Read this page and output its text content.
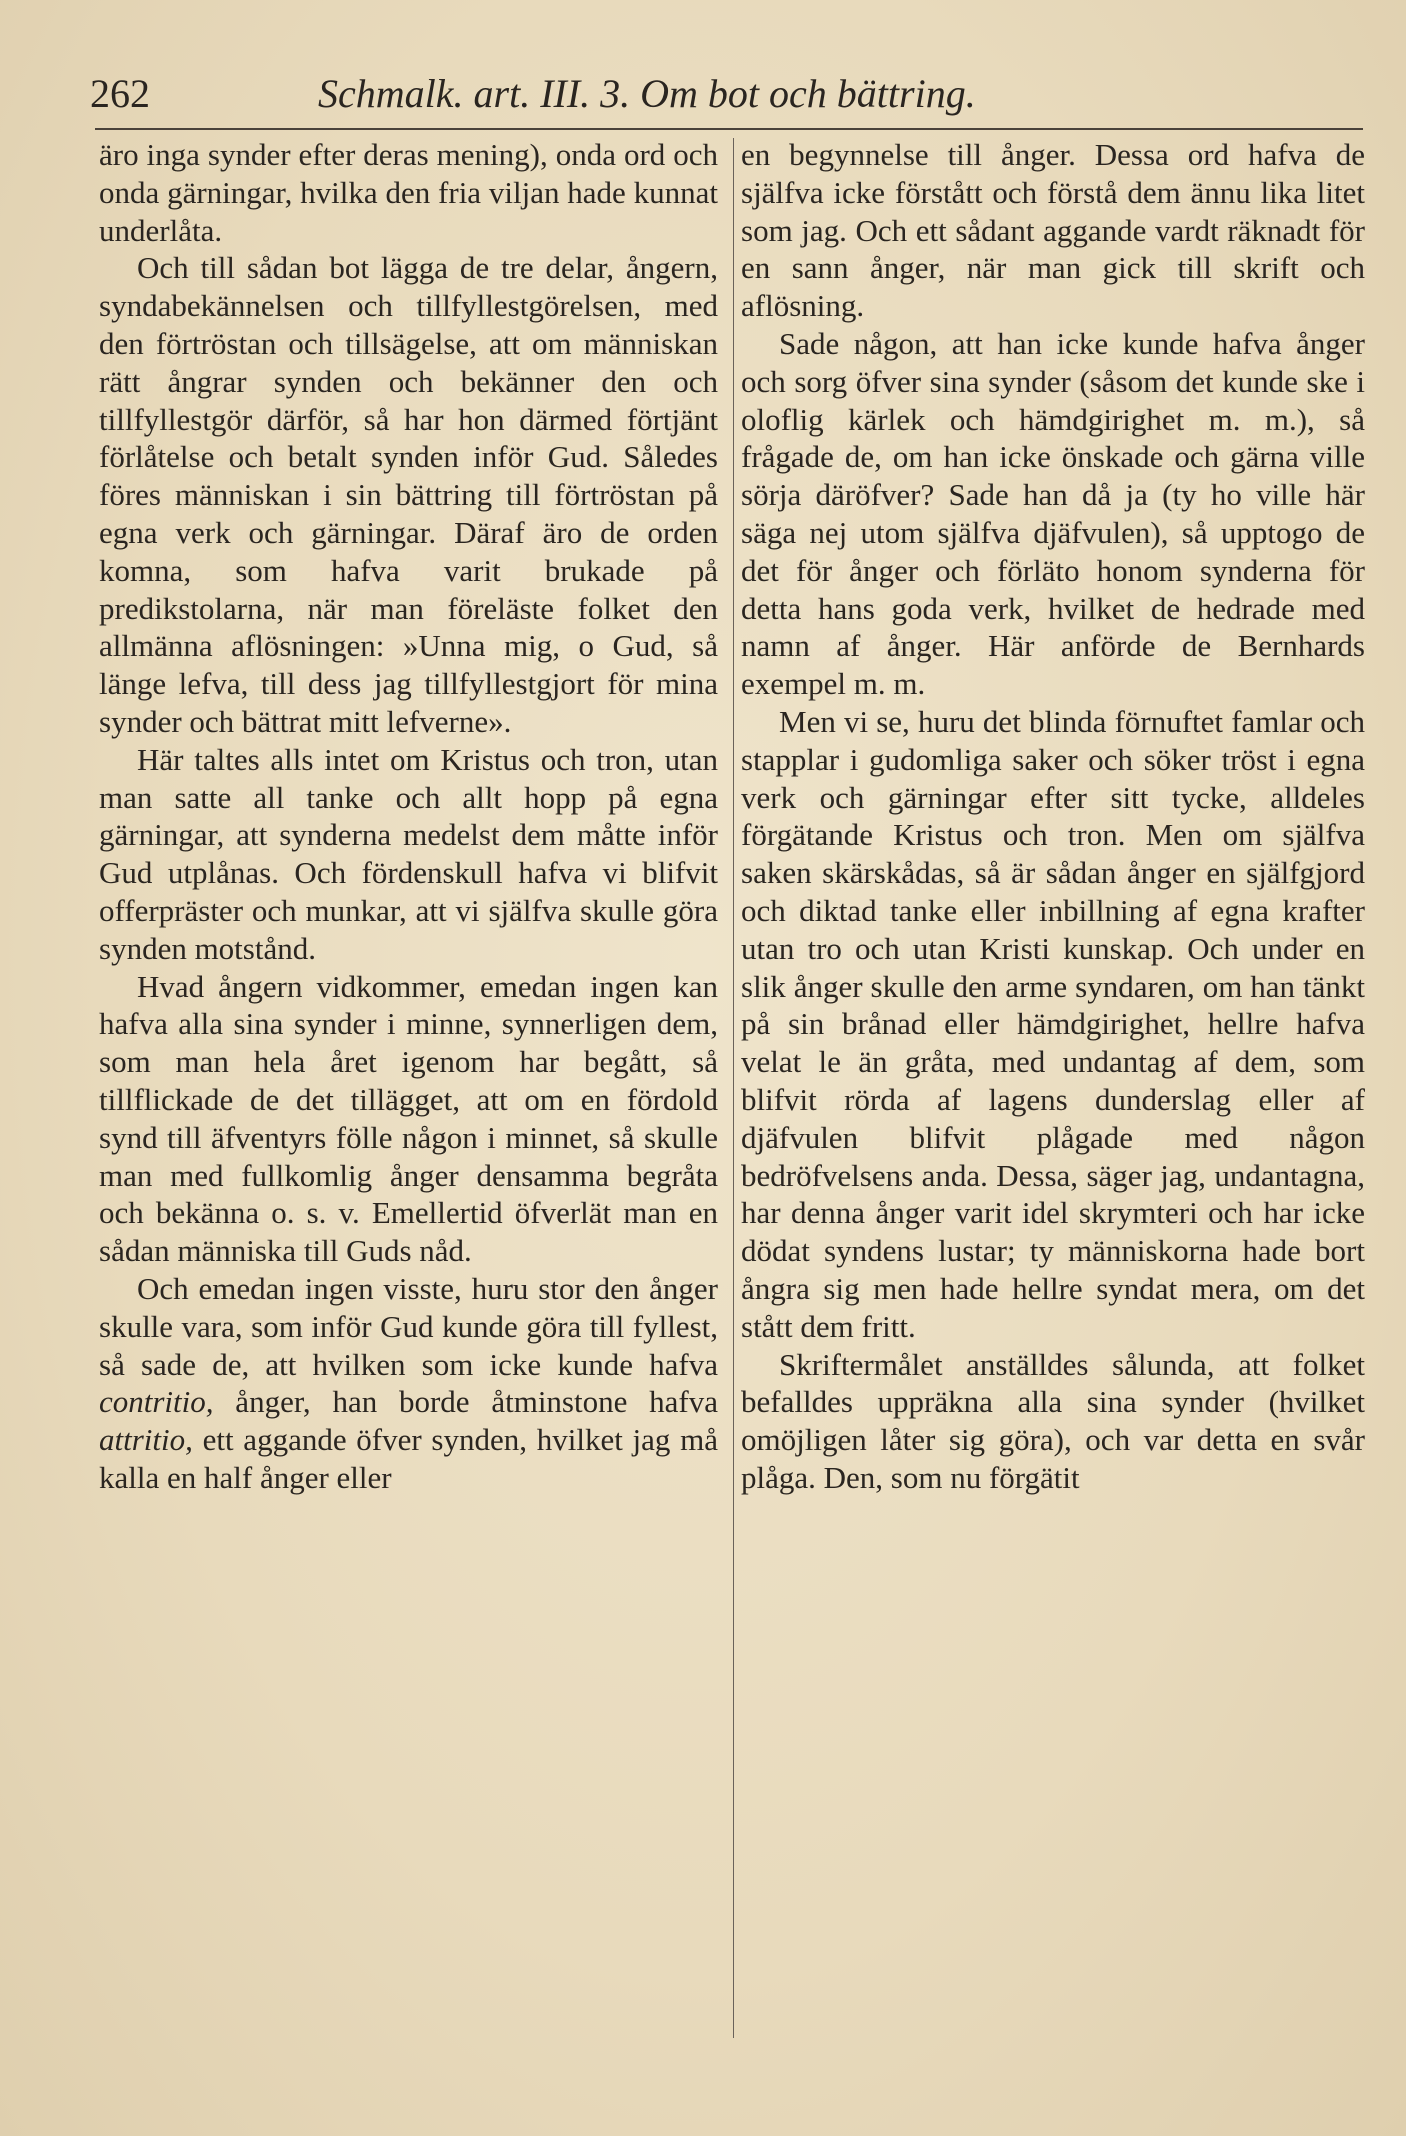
262	Schmalk. art. III. 3. Om bot och bättring.

äro inga synder efter deras mening), onda ord och onda gärningar, hvilka den fria viljan hade kunnat underlåta.

Och till sådan bot lägga de tre delar, ångern, syndabekännelsen och tillfyllestgörelsen, med den förtröstan och tillsägelse, att om människan rätt ångrar synden och bekänner den och tillfyllestgör därför, så har hon därmed förtjänt förlåtelse och betalt synden inför Gud. Således föres människan i sin bättring till förtröstan på egna verk och gärningar. Däraf äro de orden komna, som hafva varit brukade på predikstolarna, när man föreläste folket den allmänna aflösningen: »Unna mig, o Gud, så länge lefva, till dess jag tillfyllestgjort för mina synder och bättrat mitt lefverne».

Här taltes alls intet om Kristus och tron, utan man satte all tanke och allt hopp på egna gärningar, att synderna medelst dem måtte inför Gud utplånas. Och fördenskull hafva vi blifvit offerpräster och munkar, att vi själfva skulle göra synden motstånd.

Hvad ångern vidkommer, emedan ingen kan hafva alla sina synder i minne, synnerligen dem, som man hela året igenom har begått, så tillflickade de det tillägget, att om en fördold synd till äfventyrs fölle någon i minnet, så skulle man med fullkomlig ånger densamma begråta och bekänna o. s. v. Emellertid öfverlät man en sådan människa till Guds nåd.

Och emedan ingen visste, huru stor den ånger skulle vara, som inför Gud kunde göra till fyllest, så sade de, att hvilken som icke kunde hafva contritio, ånger, han borde åtminstone hafva attritio, ett aggande öfver synden, hvilket jag må kalla en half ånger eller

en begynnelse till ånger. Dessa ord hafva de själfva icke förstått och förstå dem ännu lika litet som jag. Och ett sådant aggande vardt räknadt för en sann ånger, när man gick till skrift och aflösning.

Sade någon, att han icke kunde hafva ånger och sorg öfver sina synder (såsom det kunde ske i oloflig kärlek och hämdgirighet m. m.), så frågade de, om han icke önskade och gärna ville sörja däröfver? Sade han då ja (ty ho ville här säga nej utom själfva djäfvulen), så upptogo de det för ånger och förläto honom synderna för detta hans goda verk, hvilket de hedrade med namn af ånger. Här anförde de Bernhards exempel m. m.

Men vi se, huru det blinda förnuftet famlar och stapplar i gudomliga saker och söker tröst i egna verk och gärningar efter sitt tycke, alldeles förgätande Kristus och tron. Men om själfva saken skärskådas, så är sådan ånger en själfgjord och diktad tanke eller inbillning af egna krafter utan tro och utan Kristi kunskap. Och under en slik ånger skulle den arme syndaren, om han tänkt på sin brånad eller hämdgirighet, hellre hafva velat le än gråta, med undantag af dem, som blifvit rörda af lagens dunderslag eller af djäfvulen blifvit plågade med någon bedröfvelsens anda. Dessa, säger jag, undantagna, har denna ånger varit idel skrymteri och har icke dödat syndens lustar; ty människorna hade bort ångra sig men hade hellre syndat mera, om det stått dem fritt.

Skriftermålet anställdes sålunda, att folket befalldes uppräkna alla sina synder (hvilket omöjligen låter sig göra), och var detta en svår plåga. Den, som nu förgätit
